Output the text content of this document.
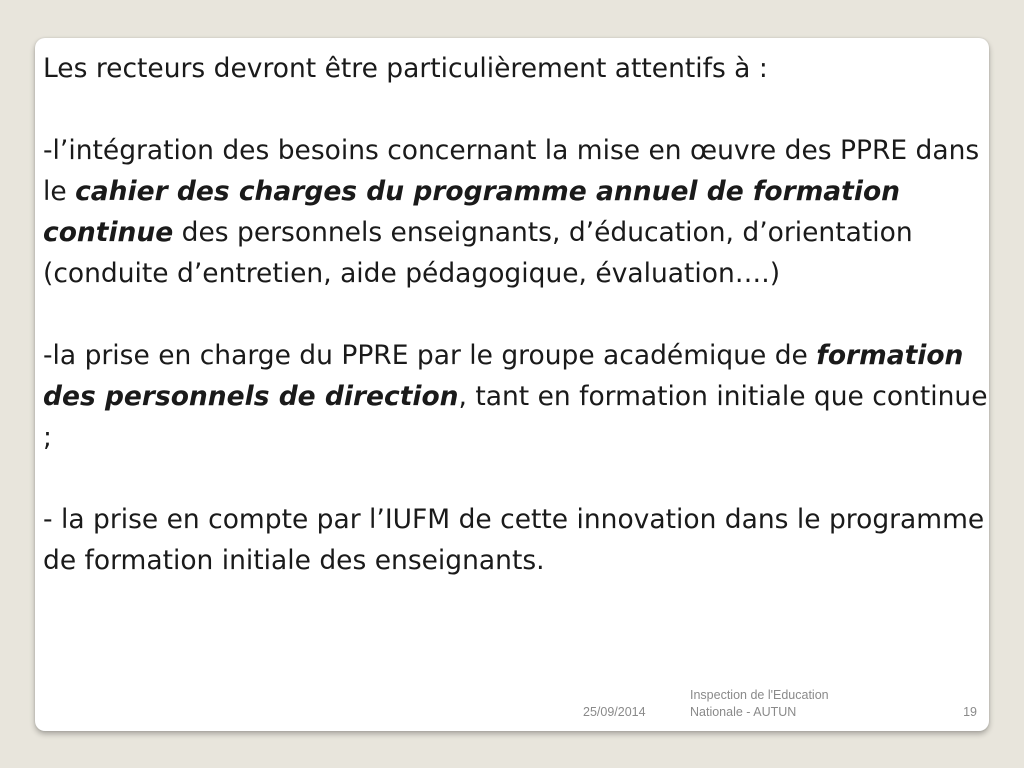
Les recteurs devront être particulièrement attentifs à :

-l’intégration des besoins concernant la mise en œuvre des PPRE dans le cahier des charges du programme annuel de formation continue des personnels enseignants, d’éducation, d’orientation (conduite d’entretien, aide pédagogique, évaluation….)

-la prise en charge du PPRE par le groupe académique de formation des personnels de direction, tant en formation initiale que continue ;

- la prise en compte par l’IUFM de cette innovation dans le programme de formation initiale des enseignants.

25/09/2014
Inspection de l'Education
Nationale - AUTUN	19
